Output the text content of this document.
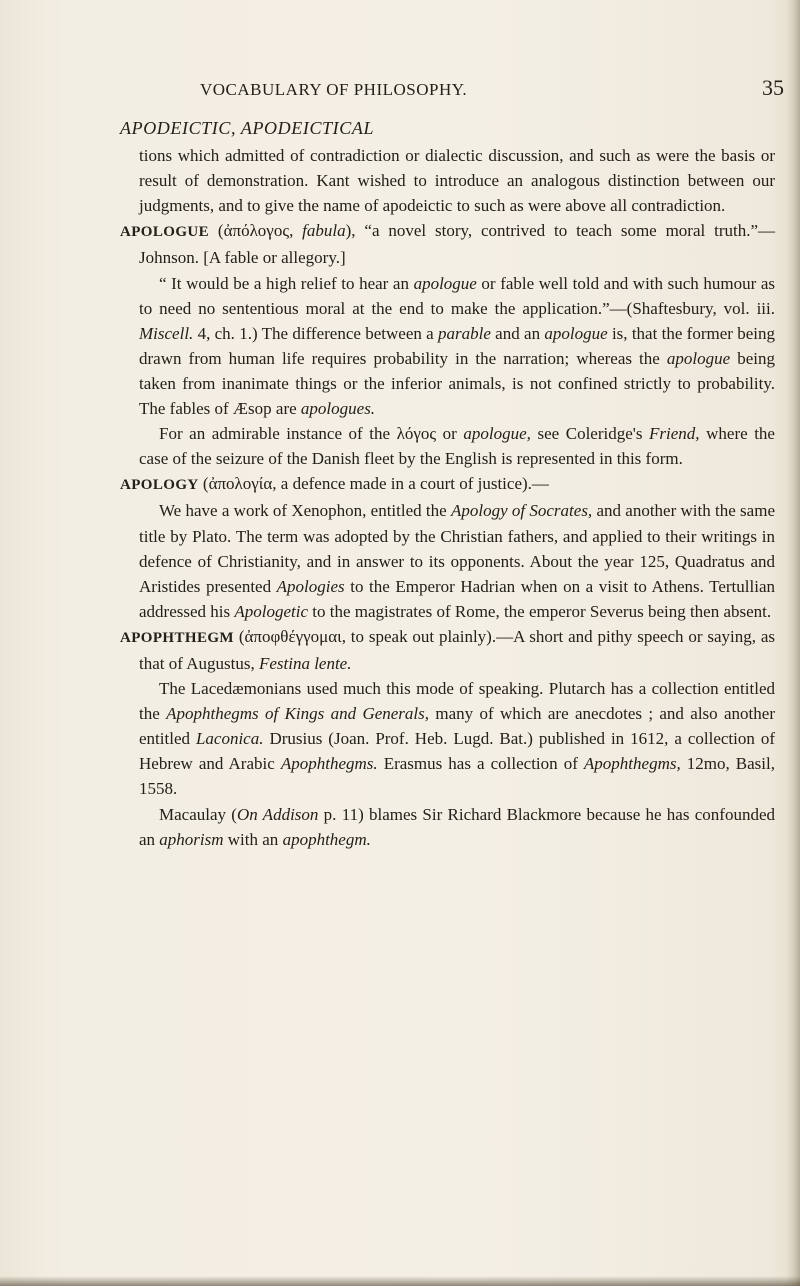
VOCABULARY OF PHILOSOPHY.	35

APODEICTIC, APODEICTICAL

tions which admitted of contradiction or dialectic discussion, and such as were the basis or result of demonstration. Kant wished to introduce an analogous distinction between our judgments, and to give the name of apodeictic to such as were above all contradiction.

APOLOGUE (ἀπόλογος, fabula), “a novel story, contrived to teach some moral truth.”—Johnson. [A fable or allegory.]

“ It would be a high relief to hear an apologue or fable well told and with such humour as to need no sententious moral at the end to make the application.”—(Shaftesbury, vol. iii. Miscell. 4, ch. 1.) The difference between a parable and an apologue is, that the former being drawn from human life requires probability in the narration; whereas the apologue being taken from inanimate things or the inferior animals, is not confined strictly to probability. The fables of Æsop are apologues.

For an admirable instance of the λόγος or apologue, see Coleridge's Friend, where the case of the seizure of the Danish fleet by the English is represented in this form.

APOLOGY (ἀπολογία, a defence made in a court of justice).—

We have a work of Xenophon, entitled the Apology of Socrates, and another with the same title by Plato. The term was adopted by the Christian fathers, and applied to their writings in defence of Christianity, and in answer to its opponents. About the year 125, Quadratus and Aristides presented Apologies to the Emperor Hadrian when on a visit to Athens. Tertullian addressed his Apologetic to the magistrates of Rome, the emperor Severus being then absent.

APOPHTHEGM (ἀποφθέγγομαι, to speak out plainly).—A short and pithy speech or saying, as that of Augustus, Festina lente.

The Lacedæmonians used much this mode of speaking. Plutarch has a collection entitled the Apophthegms of Kings and Generals, many of which are anecdotes ; and also another entitled Laconica. Drusius (Joan. Prof. Heb. Lugd. Bat.) published in 1612, a collection of Hebrew and Arabic Apophthegms. Erasmus has a collection of Apophthegms, 12mo, Basil, 1558.

Macaulay (On Addison p. 11) blames Sir Richard Blackmore because he has confounded an aphorism with an apophthegm.
